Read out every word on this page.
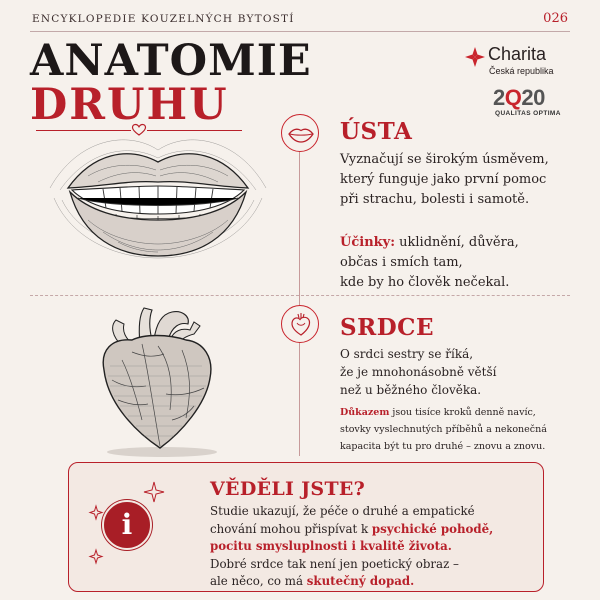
ENCYKLOPEDIE KOUZELNÝCH BYTOSTÍ	026
ANATOMIE
DRUHU
Charita
Česká republika
2Q20
QUALITAS OPTIMA
ÚSTA
Vyznačují se širokým úsměvem,
který funguje jako první pomoc
při strachu, bolesti i samotě.
Účinky: uklidnění, důvěra,
občas i smích tam,
kde by ho člověk nečekal.
SRDCE
O srdci sestry se říká,
že je mnohonásobně větší
než u běžného člověka.
Důkazem jsou tisíce kroků denně navíc,
stovky vyslechnutých příběhů a nekonečná
kapacita být tu pro druhé – znovu a znovu.
i
VĚDĚLI JSTE?
Studie ukazují, že péče o druhé a empatické
chování mohou přispívat k psychické pohodě,
pocitu smysluplnosti i kvalitě života.
Dobré srdce tak není jen poetický obraz –
ale něco, co má skutečný dopad.
